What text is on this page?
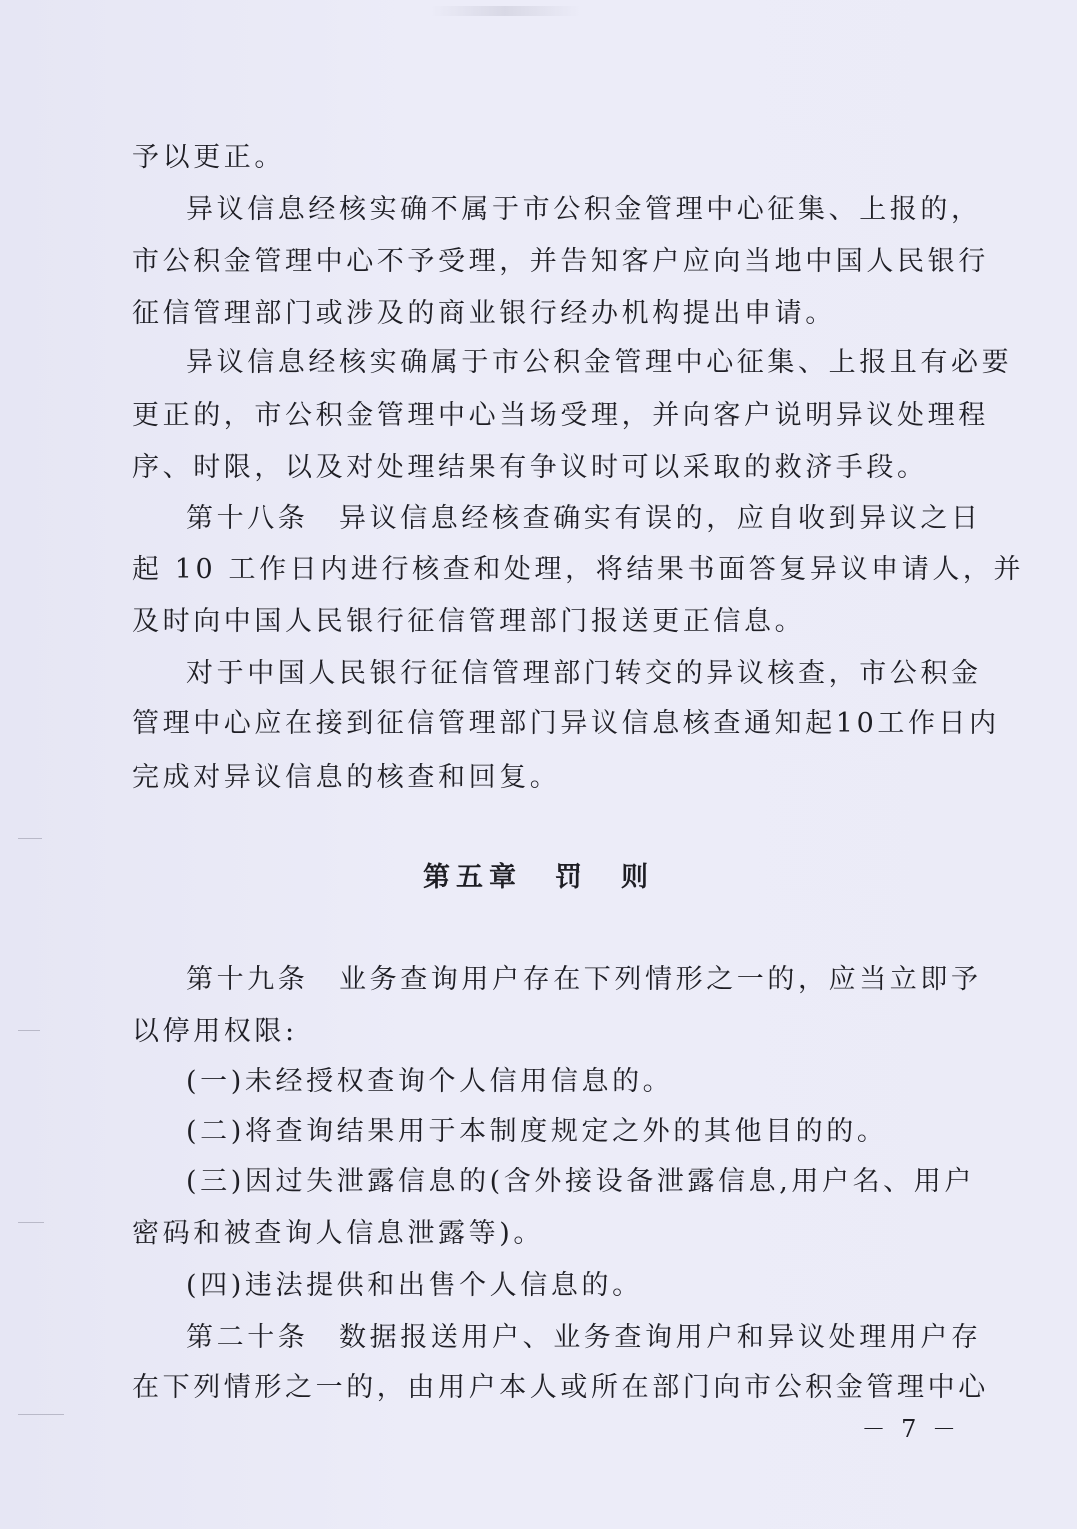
予以更正。
异议信息经核实确不属于市公积金管理中心征集、上报的，
市公积金管理中心不予受理，并告知客户应向当地中国人民银行
征信管理部门或涉及的商业银行经办机构提出申请。
异议信息经核实确属于市公积金管理中心征集、上报且有必要
更正的，市公积金管理中心当场受理，并向客户说明异议处理程
序、时限，以及对处理结果有争议时可以采取的救济手段。
第十八条　异议信息经核查确实有误的，应自收到异议之日
起 10 工作日内进行核查和处理，将结果书面答复异议申请人，并
及时向中国人民银行征信管理部门报送更正信息。
对于中国人民银行征信管理部门转交的异议核查，市公积金
管理中心应在接到征信管理部门异议信息核查通知起10工作日内
完成对异议信息的核查和回复。
第五章　罚　则
第十九条　业务查询用户存在下列情形之一的，应当立即予
以停用权限:
(一)未经授权查询个人信用信息的。
(二)将查询结果用于本制度规定之外的其他目的的。
(三)因过失泄露信息的(含外接设备泄露信息,用户名、用户
密码和被查询人信息泄露等)。
(四)违法提供和出售个人信息的。
第二十条　数据报送用户、业务查询用户和异议处理用户存
在下列情形之一的，由用户本人或所在部门向市公积金管理中心
－ 7 －
